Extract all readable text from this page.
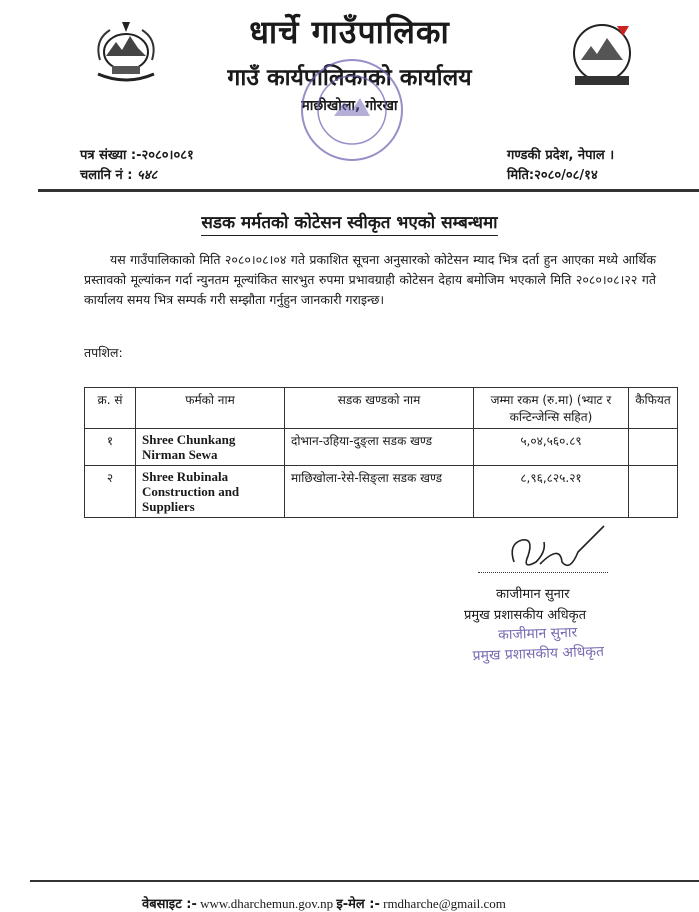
धार्चे गाउँपालिका
गाउँ कार्यपालिकाको कार्यालय
माछीखोला, गोरखा
पत्र संख्या :-२०८०।०८१
चलानि नं : ५४८
गण्डकी प्रदेश, नेपाल ।
मिति:२०८०/०८/१४
सडक मर्मतको कोटेसन स्वीकृत भएको सम्बन्धमा
यस गाउँपालिकाको मिति २०८०।०८।०४ गते प्रकाशित सूचना अनुसारको कोटेसन म्याद भित्र दर्ता हुन आएका मध्ये आर्थिक प्रस्तावको मूल्यांकन गर्दा न्युनतम मूल्यांकित सारभुत रुपमा प्रभावग्राही कोटेसन देहाय बमोजिम भएकाले मिति २०८०।०८।२२ गते कार्यालय समय भित्र सम्पर्क गरी सम्झौता गर्नुहुन जानकारी गराइन्छ।
तपशिल:
क्र. सं	फर्मको नाम	सडक खण्डको नाम	जम्मा रकम (रु.मा) (भ्याट र कन्टिन्जेन्सि सहित)	कैफियत
१	Shree Chunkang Nirman Sewa	दोभान-उहिया-दुङ्ला सडक खण्ड	५,०४,५६०.८९	
२	Shree Rubinala Construction and Suppliers	माछिखोला-रेसे-सिङ्ला सडक खण्ड	८,९६,८२५.२१	
काजीमान सुनार
प्रमुख प्रशासकीय अधिकृत
काजीमान सुनार
प्रमुख प्रशासकीय अधिकृत
वेबसाइट :- www.dharchemun.gov.np इ-मेल :- rmdharche@gmail.com
